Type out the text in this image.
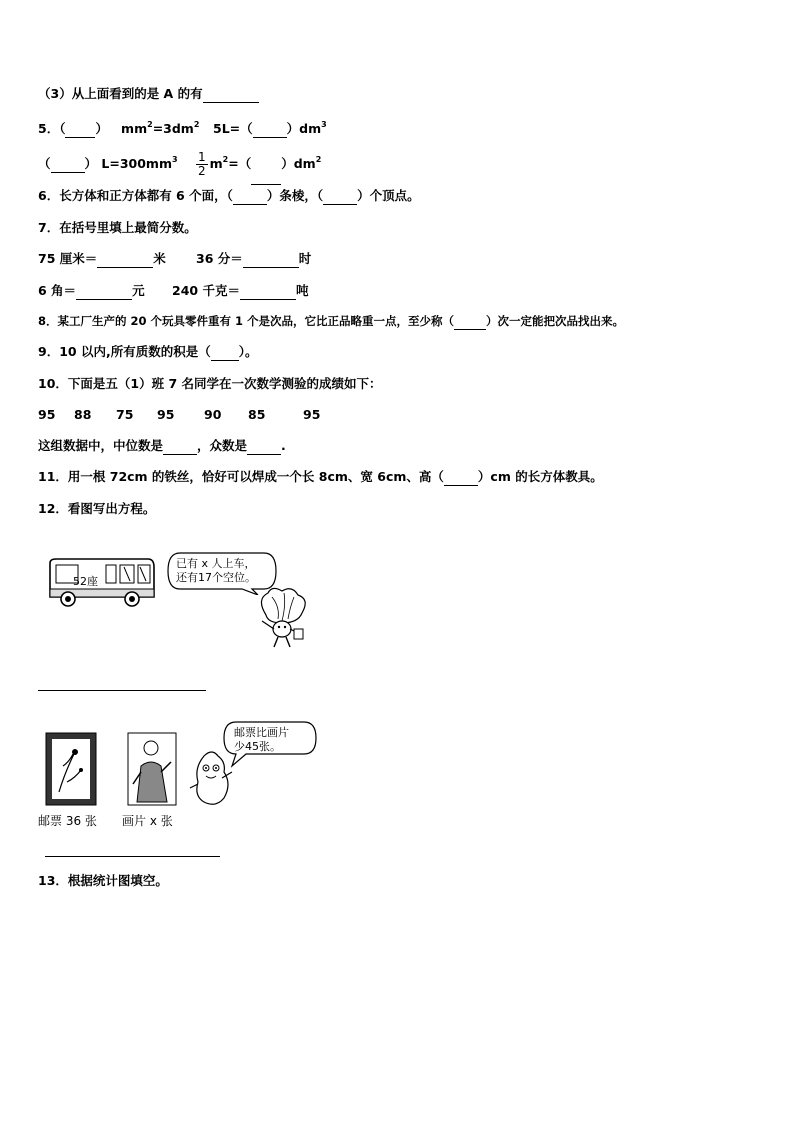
（3）从上面看到的是 A 的有
5．（ ） $mm^2=3dm^2$ 5L=（	）$dm^3$
（	） $L=300mm^3 \frac{1}{2} m^2=$（ ）$dm^2$
6．长方体和正方体都有 6 个面，（	）条棱，（	）个顶点。
7．在括号里填上最简分数。
75 厘米＝	米 36 分＝	时
6 角＝	元 240 千克＝	吨
8．某工厂生产的 20 个玩具零件重有 1 个是次品，它比正品略重一点，至少称（	）次一定能把次品找出来。
9．10 以内,所有质数的积是（ ）。
10．下面是五（1）班 7 名同学在一次数学测验的成绩如下：
95 88 75 95 90 85	95
这组数据中，中位数是	，众数是	.
11．用一根 72cm 的铁丝，恰好可以焊成一个长 8cm、宽 6cm、高（	）cm 的长方体教具。
12．看图写出方程。
52座
已有 x 人上车，
还有17个空位。
邮票 36 张 画片 x 张
邮票比画片
少45张。
13．根据统计图填空。
